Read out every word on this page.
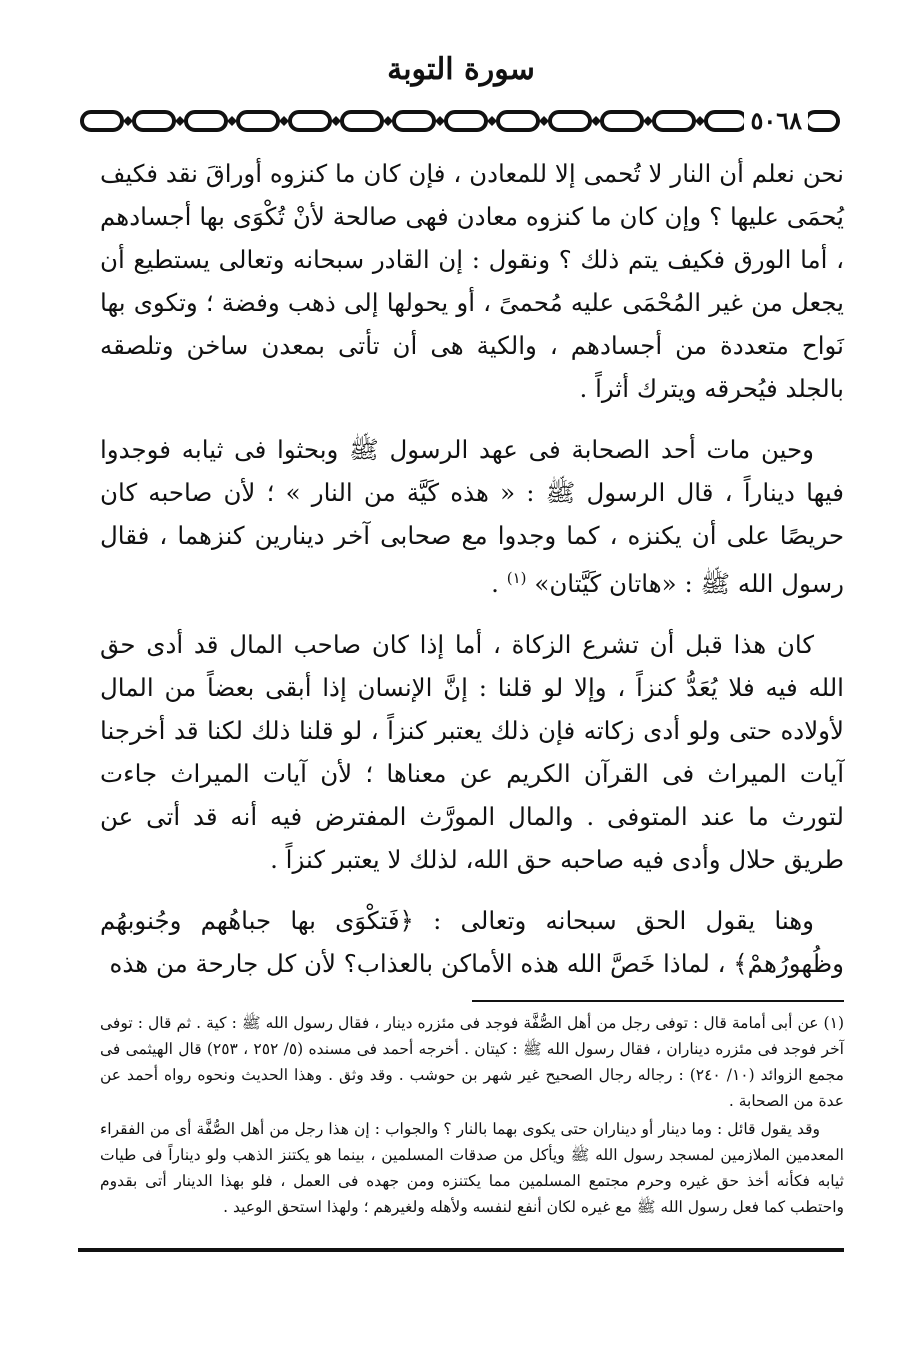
سورة التوبة
٥٠٦٨

نحن نعلم أن النار لا تُحمى إلا للمعادن ، فإن كان ما كنزوه أوراقَ نقد فكيف يُحمَى عليها ؟ وإن كان ما كنزوه معادن فهى صالحة لأنْ تُكْوَى بها أجسادهم ، أما الورق فكيف يتم ذلك ؟ ونقول : إن القادر سبحانه وتعالى يستطيع أن يجعل من غير المُحْمَى عليه مُحمىً ، أو يحولها إلى ذهب وفضة ؛ وتكوى بها نَواح متعددة من أجسادهم ، والكية هى أن تأتى بمعدن ساخن وتلصقه بالجلد فيُحرقه ويترك أثراً .

وحين مات أحد الصحابة فى عهد الرسول ﷺ وبحثوا فى ثيابه فوجدوا فيها ديناراً ، قال الرسول ﷺ : « هذه كَيَّة من النار » ؛ لأن صاحبه كان حريصًا على أن يكنزه ، كما وجدوا مع صحابى آخر دينارين كنزهما ، فقال رسول الله ﷺ : «هاتان كَيَّتان» $^{(١)}$ .

كان هذا قبل أن تشرع الزكاة ، أما إذا كان صاحب المال قد أدى حق الله فيه فلا يُعَدُّ كنزاً ، وإلا لو قلنا : إنَّ الإنسان إذا أبقى بعضاً من المال لأولاده حتى ولو أدى زكاته فإن ذلك يعتبر كنزاً ، لو قلنا ذلك لكنا قد أخرجنا آيات الميراث فى القرآن الكريم عن معناها ؛ لأن آيات الميراث جاءت لتورث ما عند المتوفى . والمال المورَّث المفترض فيه أنه قد أتى عن طريق حلال وأدى فيه صاحبه حق الله، لذلك لا يعتبر كنزاً .

وهنا يقول الحق سبحانه وتعالى : ﴿فَتكْوَى بها جباهُهم وجُنوبهُم وظُهورُهمْ﴾ ، لماذا خَصَّ الله هذه الأماكن بالعذاب؟ لأن كل جارحة من هذه

(١) عن أبى أمامة قال : توفى رجل من أهل الصُّفَّة فوجد فى مئزره دينار ، فقال رسول الله ﷺ : كية . ثم قال : توفى آخر فوجد فى مئزره ديناران ، فقال رسول الله ﷺ : كيتان . أخرجه أحمد فى مسنده (٥/ ٢٥٢ ، ٢٥٣) قال الهيثمى فى مجمع الزوائد (١٠/ ٢٤٠) : رجاله رجال الصحيح غير شهر بن حوشب . وقد وثق . وهذا الحديث ونحوه رواه أحمد عن عدة من الصحابة .

وقد يقول قائل : وما دينار أو ديناران حتى يكوى بهما بالنار ؟ والجواب : إن هذا رجل من أهل الصُّفَّة أى من الفقراء المعدمين الملازمين لمسجد رسول الله ﷺ ويأكل من صدقات المسلمين ، بينما هو يكتنز الذهب ولو ديناراً فى طيات ثيابه فكأنه أخذ حق غيره وحرم مجتمع المسلمين مما يكتنزه ومن جهده فى العمل ، فلو بهذا الدينار أتى بقدوم واحتطب كما فعل رسول الله ﷺ مع غيره لكان أنفع لنفسه ولأهله ولغيرهم ؛ ولهذا استحق الوعيد .
